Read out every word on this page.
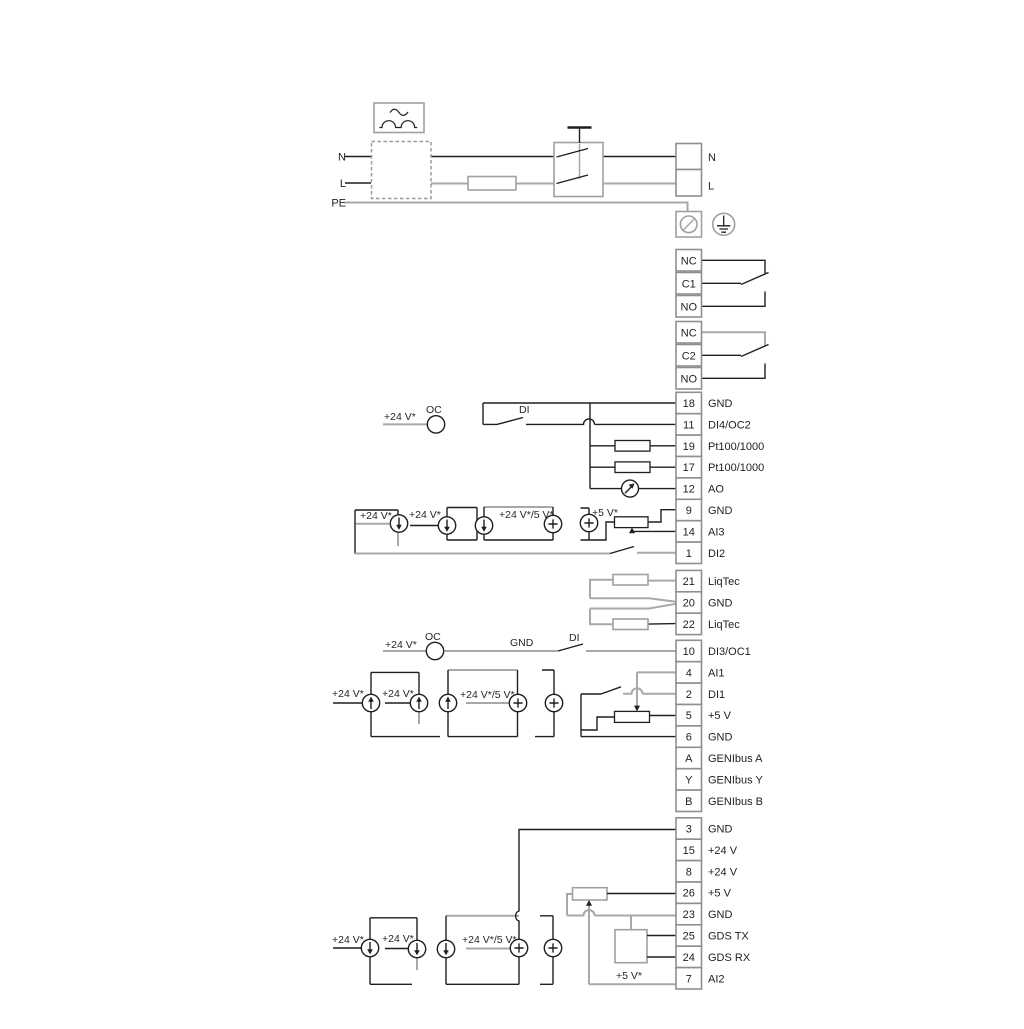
18 GND
11 DI4/OC2
19 Pt100/1000
17 Pt100/1000
12 AO
9 GND
14 AI3
1 DI2
21 LiqTec
20 GND
22 LiqTec
10 DI3/OC1
4 AI1
2 DI1
5 +5 V
6 GND
A GENIbus A
Y GENIbus Y
B GENIbus B
3 GND
15 +24 V
8 +24 V
26 +5 V
23 GND
25 GDS TX
24 GDS RX
7 AI2
NC
C1
NO
NC
C2
NO
N
L
N
L
PE
+24 V*
OC	DI
+24 V* +24 V*	+24 V*/5 V*	+5 V*
+24 V*
OC	GND	DI
+24 V* +24 V*	+24 V*/5 V*
+24 V* +24 V*	+24 V*/5 V*
+5 V*
